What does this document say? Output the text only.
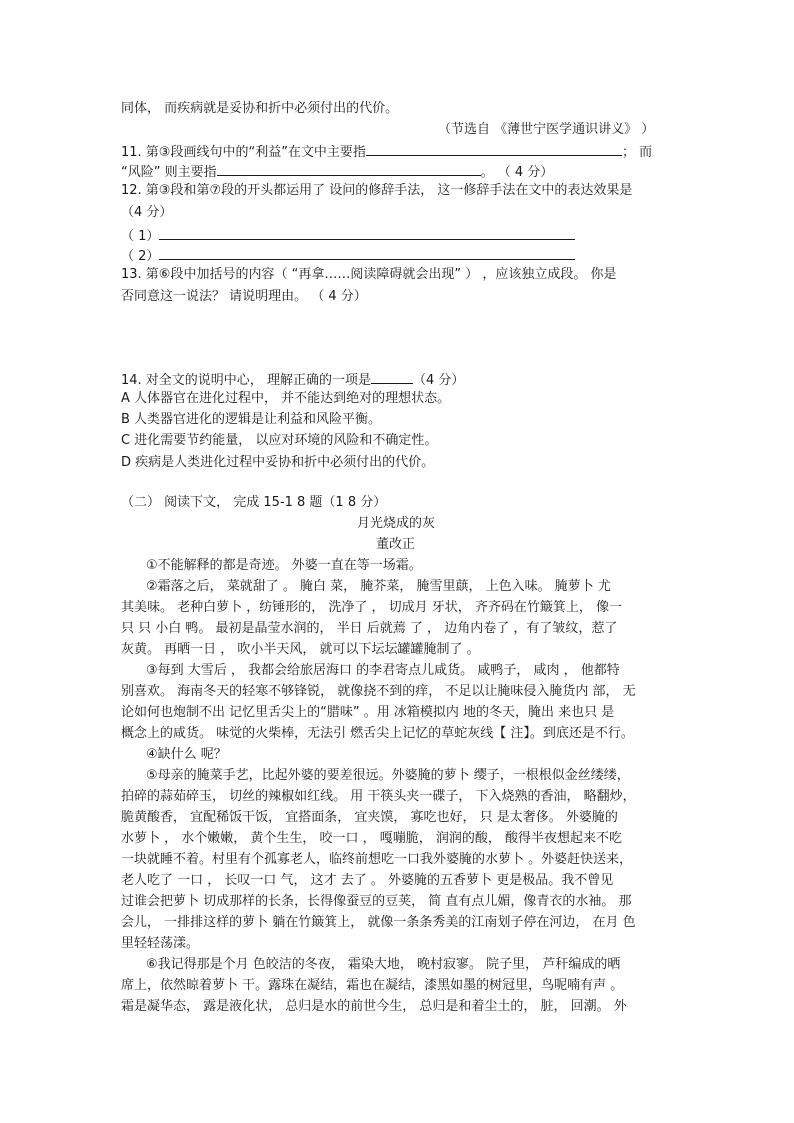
同体， 而疾病就是妥协和折中必须付出的代价。
（节选自 《薄世宁医学通识讲义》 ）
11. 第③段画线句中的“利益”在文中主要指	； 而
“风险” 则主要指	。 （ 4 分）
12. 第③段和第⑦段的开头都运用了 设问的修辞手法， 这一修辞手法在文中的表达效果是
（4 分）
（ 1）
（ 2）
13. 第⑥段中加括号的内容（ “再拿……阅读障碍就会出现” ） ，应该独立成段。 你是
否同意这一说法？ 请说明理由。 （ 4 分）
14. 对全文的说明中心， 理解正确的一项是	（4 分）
A 人体器官在进化过程中， 并不能达到绝对的理想状态。
B 人类器官进化的逻辑是让利益和风险平衡。
C 进化需要节约能量， 以应对环境的风险和不确定性。
D 疾病是人类进化过程中妥协和折中必须付出的代价。
（二） 阅读下文， 完成 15-1 8 题（1 8 分）
月光烧成的灰
董改正
①不能解释的都是奇迹。 外婆一直在等一场霜。
②霜落之后， 菜就甜了 。 腌白 菜， 腌芥菜， 腌雪里蕻， 上色入味。 腌萝卜 尤
其美味。 老种白萝卜 ，纺锤形的， 洗净了 ， 切成月 牙状， 齐齐码在竹簸箕上， 像一
只 只 小白 鸭。 最初是晶莹水润的， 半日 后就蔫 了 ， 边角内卷了 ，有了皱纹，惹了
灰黄。 再晒一日 ， 吹小半天风， 就可以下坛坛罐罐腌制了 。
③每到 大雪后 ， 我都会给旅居海口 的李君寄点儿咸货。 咸鸭子， 咸肉 ， 他都特
别喜欢。 海南冬天的轻寒不够锋锐， 就像挠不到的痒， 不足以让腌味侵入腌货内 部， 无
论如何也炮制不出 记忆里舌尖上的“腊味” 。用 冰箱模拟内 地的冬天，腌出 来也只 是
概念上的咸货。 味觉的火柴棒，无法引 燃舌尖上记忆的草蛇灰线【 注】。到底还是不行。
④缺什么 呢？
⑤母亲的腌菜手艺，比起外婆的要差很远。外婆腌的萝卜 缨子，一根根似金丝缕缕，
拍碎的蒜茹碎玉， 切丝的辣椒如红线。 用 干筷头夹一碟子， 下入烧熟的香油， 略翻炒，
脆黄酸香， 宜配稀饭干饭， 宜搭面条， 宜夹馍， 寡吃也好， 只 是太奢侈。 外婆腌的
水萝卜 ， 水个嫩嫩， 黄个生生， 咬一口 ， 嘎嘣脆， 润润的酸， 酸得半夜想起来不吃
一块就睡不着。村里有个孤寡老人，临终前想吃一口我外婆腌的水萝卜 。外婆赶快送来，
老人吃了 一口 ， 长叹一口 气， 这才 去了 。 外婆腌的五香萝卜 更是极品。我不曾见
过谁会把萝卜 切成那样的长条，长得像蚕豆的豆荚， 简 直有点儿媚，像青衣的水袖。 那
会儿， 一排排这样的萝卜 躺在竹簸箕上， 就像一条条秀美的江南划子停在河边， 在月 色
里轻轻荡漾。
⑥我记得那是个月 色皎洁的冬夜， 霜染大地， 晚村寂寥。 院子里， 芦秆编成的晒
席上，依然晾着萝卜 干。露珠在凝结，霜也在凝结，漆黑如墨的树冠里，鸟呢喃有声 。
霜是凝华态， 露是液化状， 总归是水的前世今生， 总归是和着尘土的， 脏， 回潮。 外
